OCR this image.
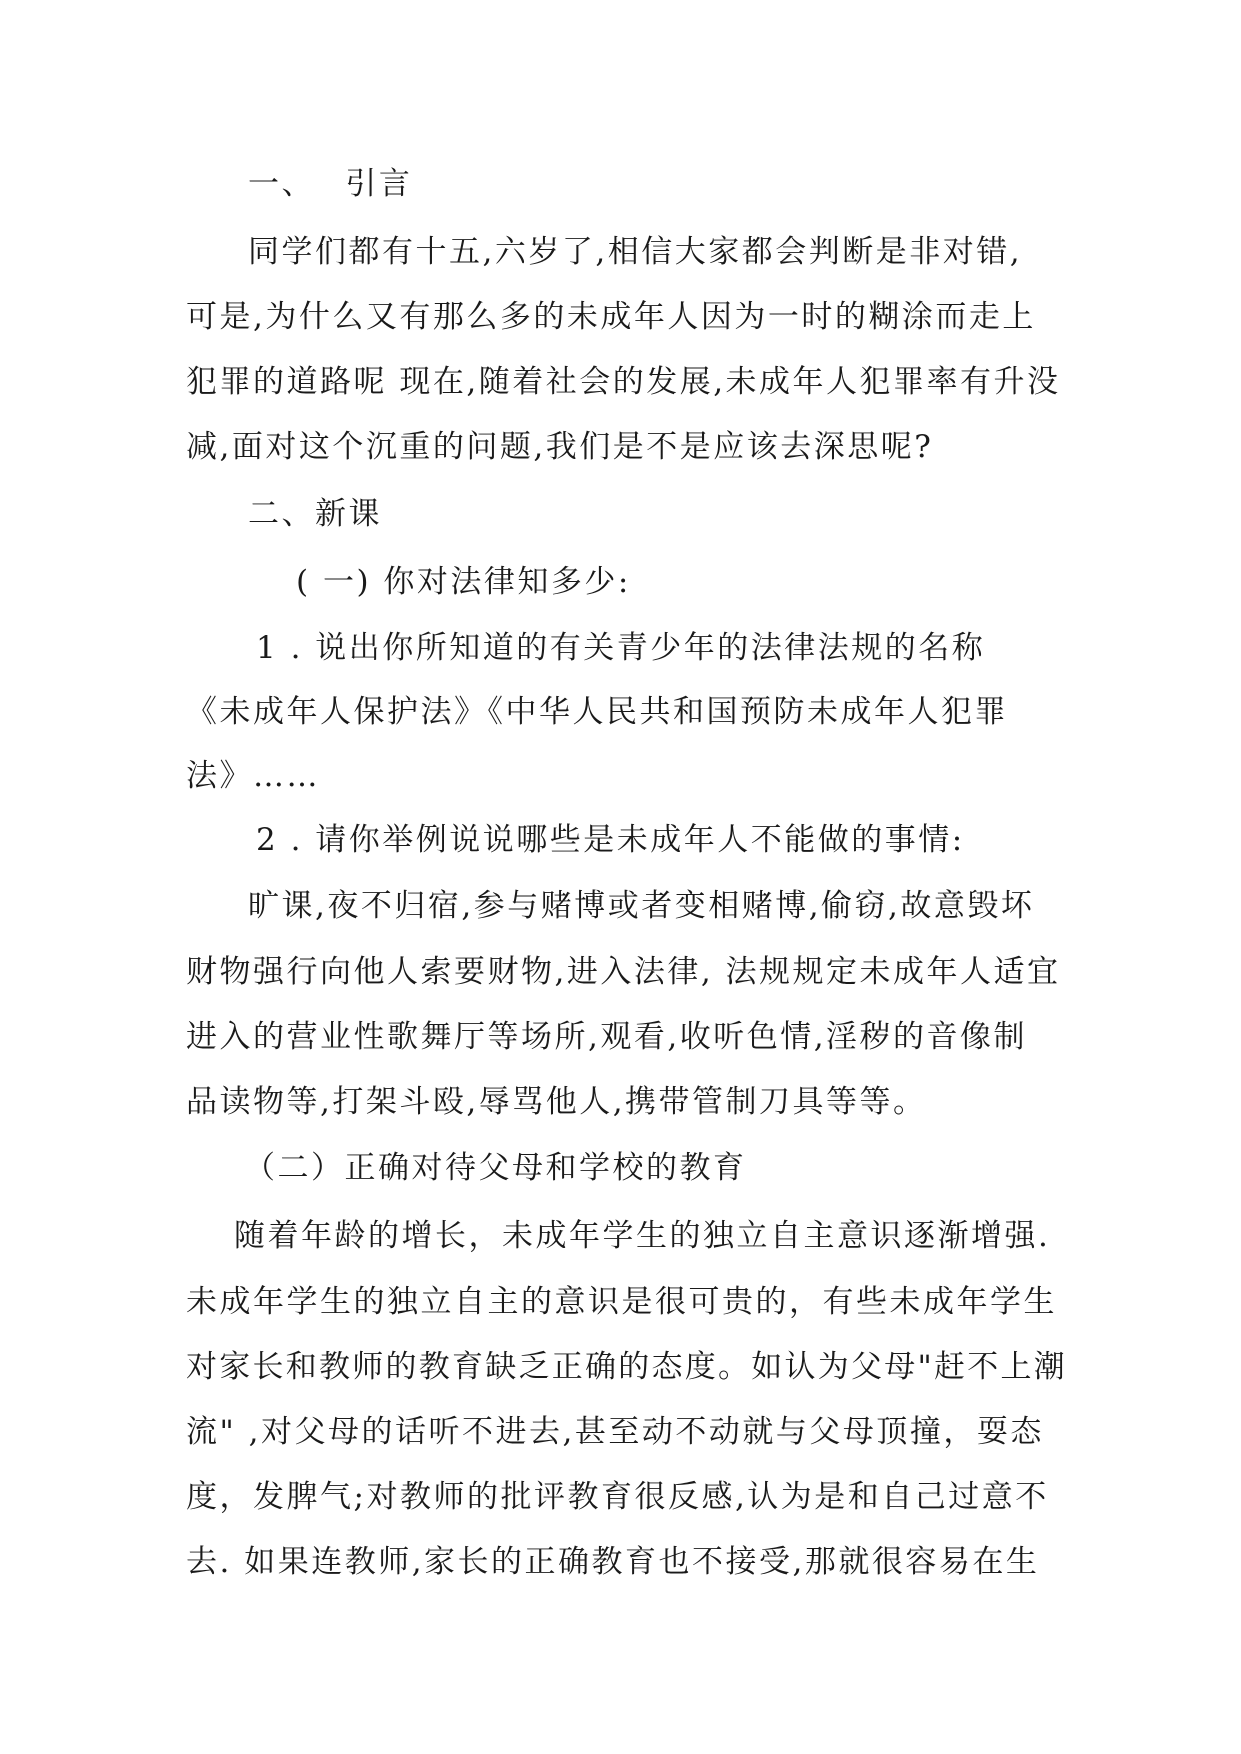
一、　 引言
同学们都有十五,六岁了,相信大家都会判断是非对错,
可是,为什么又有那么多的未成年人因为一时的糊涂而走上
犯罪的道路呢 现在,随着社会的发展,未成年人犯罪率有升没
减,面对这个沉重的问题,我们是不是应该去深思呢?
二、新课
( 一) 你对法律知多少:
1 . 说出你所知道的有关青少年的法律法规的名称
《未成年人保护法》《中华人民共和国预防未成年人犯罪
法》……
2 . 请你举例说说哪些是未成年人不能做的事情:
旷课,夜不归宿,参与赌博或者变相赌博,偷窃,故意毁坏
财物强行向他人索要财物,进入法律, 法规规定未成年人适宜
进入的营业性歌舞厅等场所,观看,收听色情,淫秽的音像制
品读物等,打架斗殴,辱骂他人,携带管制刀具等等。
（二）正确对待父母和学校的教育
随着年龄的增长，未成年学生的独立自主意识逐渐增强.
未成年学生的独立自主的意识是很可贵的，有些未成年学生
对家长和教师的教育缺乏正确的态度。如认为父母"赶不上潮
流" ,对父母的话听不进去,甚至动不动就与父母顶撞，耍态
度，发脾气;对教师的批评教育很反感,认为是和自己过意不
去. 如果连教师,家长的正确教育也不接受,那就很容易在生
